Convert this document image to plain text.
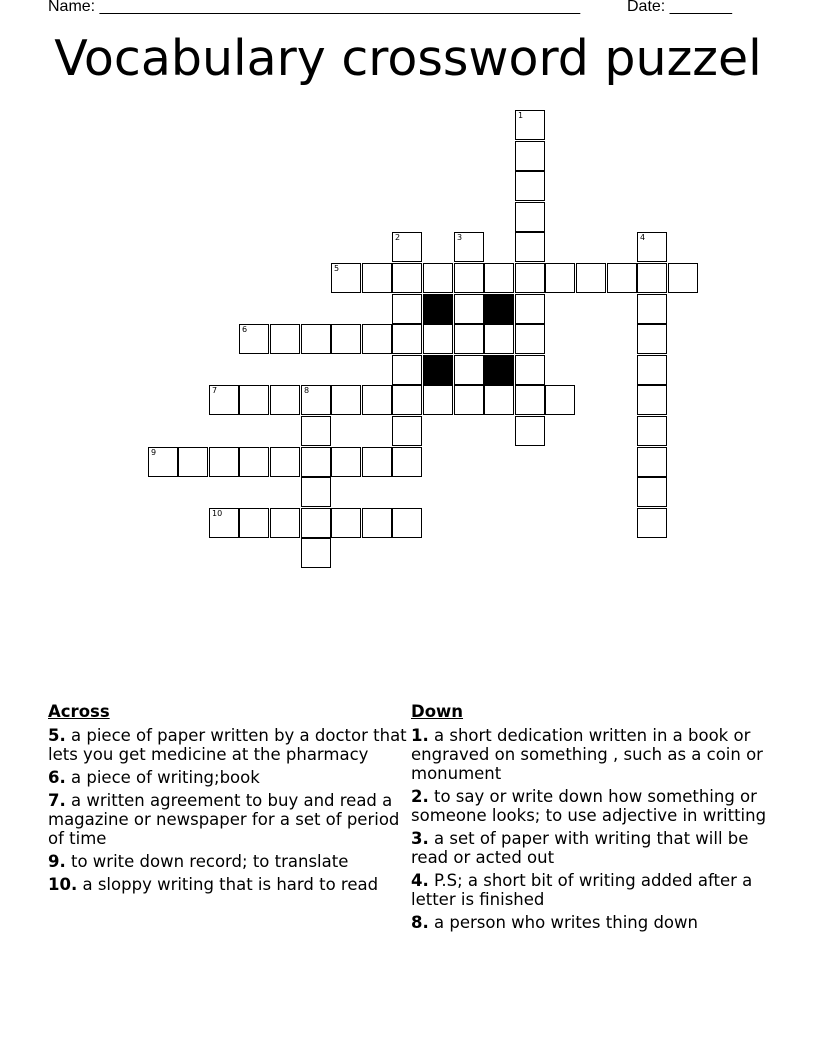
Name: ______________________________________________________	Date: _______
Vocabulary crossword puzzel
1
2	3	4
5
6
7	8
9
10
Across
5. a piece of paper written by a doctor that lets you get medicine at the pharmacy
6. a piece of writing;book
7. a written agreement to buy and read a magazine or newspaper for a set of period of time
9. to write down record; to translate
10. a sloppy writing that is hard to read
Down
1. a short dedication written in a book or engraved on something , such as a coin or monument
2. to say or write down how something or someone looks; to use adjective in writting
3. a set of paper with writing that will be read or acted out
4. P.S; a short bit of writing added after a letter is finished
8. a person who writes thing down
